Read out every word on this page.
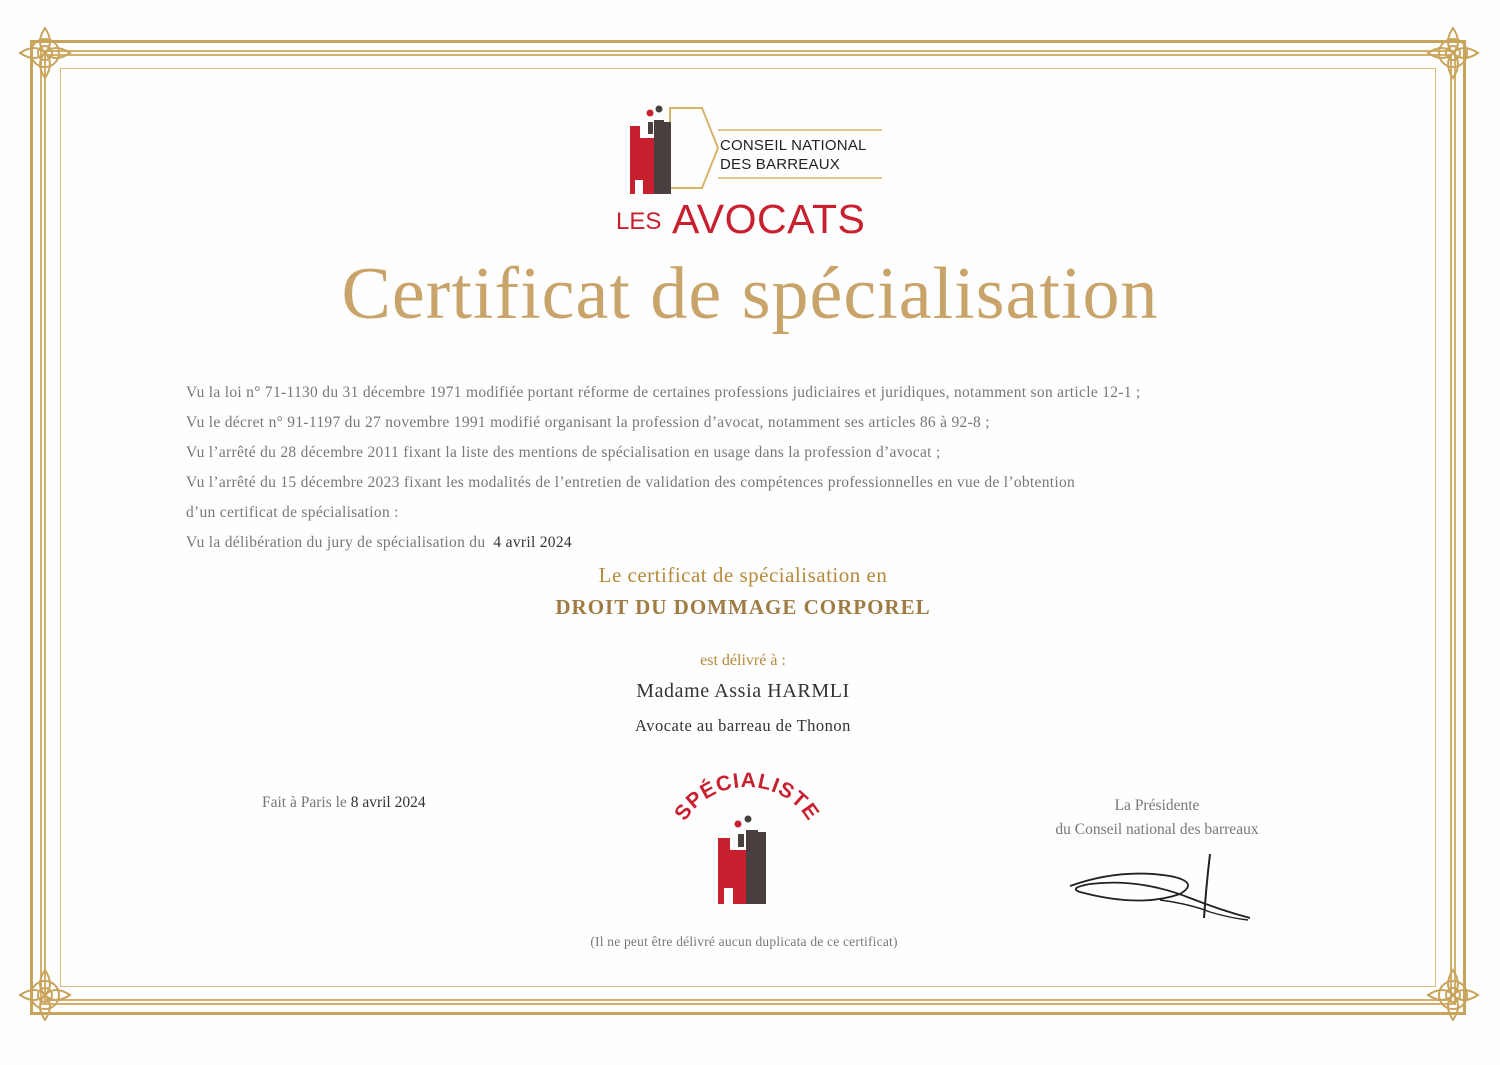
CONSEIL NATIONAL
DES BARREAUX
LES AVOCATS
Certificat de spécialisation
Vu la loi n° 71-1130 du 31 décembre 1971 modifiée portant réforme de certaines professions judiciaires et juridiques, notamment son article 12-1 ;
Vu le décret n° 91-1197 du 27 novembre 1991 modifié organisant la profession d’avocat, notamment ses articles 86 à 92-8 ;
Vu l’arrêté du 28 décembre 2011 fixant la liste des mentions de spécialisation en usage dans la profession d’avocat ;
Vu l’arrêté du 15 décembre 2023 fixant les modalités de l’entretien de validation des compétences professionnelles en vue de l’obtention
d’un certificat de spécialisation :
Vu la délibération du jury de spécialisation du 4 avril 2024
Le certificat de spécialisation en
DROIT DU DOMMAGE CORPOREL
est délivré à :
Madame Assia HARMLI
Avocate au barreau de Thonon
Fait à Paris le 8 avril 2024	SPÉCIALISTE	La Présidente
du Conseil national des barreaux
(Il ne peut être délivré aucun duplicata de ce certificat)
